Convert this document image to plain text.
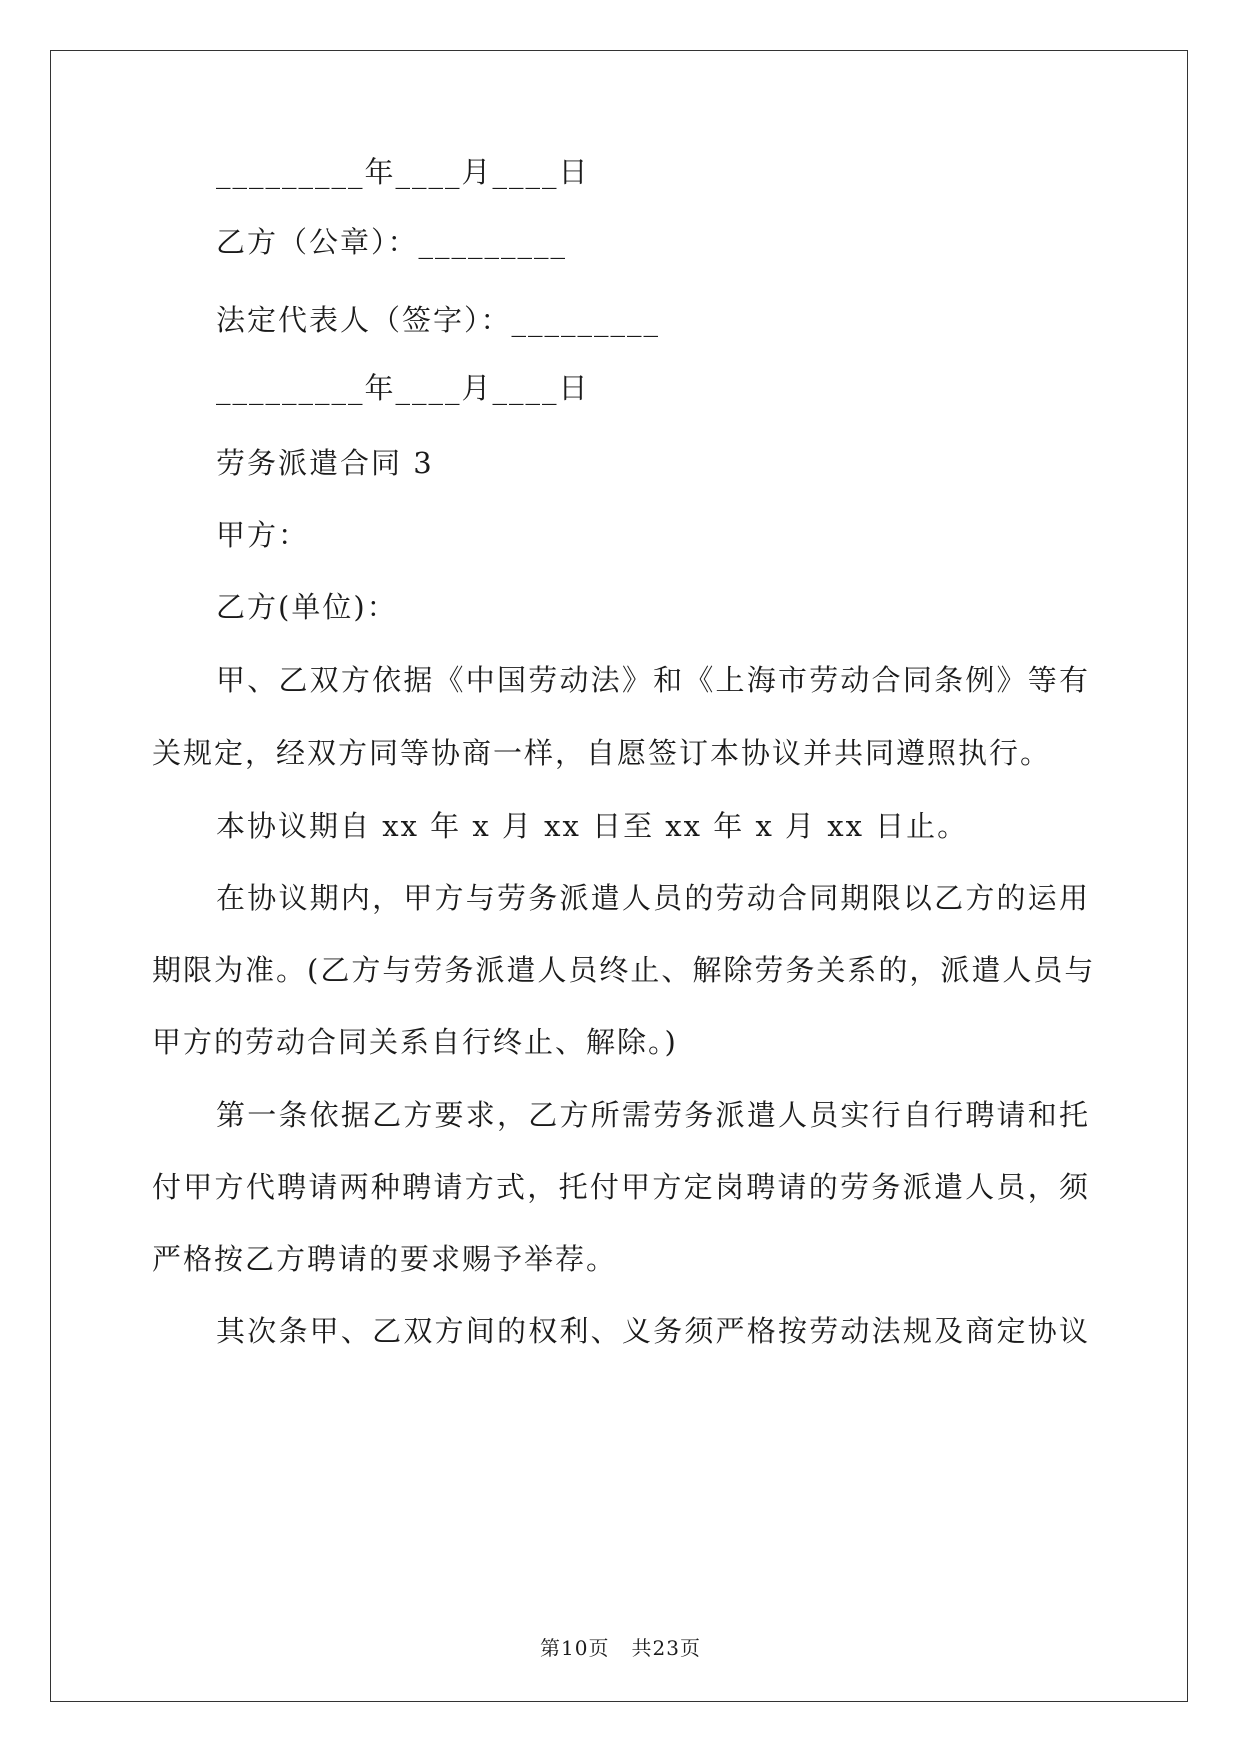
_________年____月____日
乙方（公章）：_________
法定代表人（签字）：_________
_________年____月____日
劳务派遣合同 3
甲方：
乙方(单位)：
甲、乙双方依据《中国劳动法》和《上海市劳动合同条例》等有
关规定，经双方同等协商一样，自愿签订本协议并共同遵照执行。
本协议期自 xx 年 x 月 xx 日至 xx 年 x 月 xx 日止。
在协议期内，甲方与劳务派遣人员的劳动合同期限以乙方的运用
期限为准。(乙方与劳务派遣人员终止、解除劳务关系的，派遣人员与
甲方的劳动合同关系自行终止、解除。)
第一条依据乙方要求，乙方所需劳务派遣人员实行自行聘请和托
付甲方代聘请两种聘请方式，托付甲方定岗聘请的劳务派遣人员，须
严格按乙方聘请的要求赐予举荐。
其次条甲、乙双方间的权利、义务须严格按劳动法规及商定协议
第10页 共23页
